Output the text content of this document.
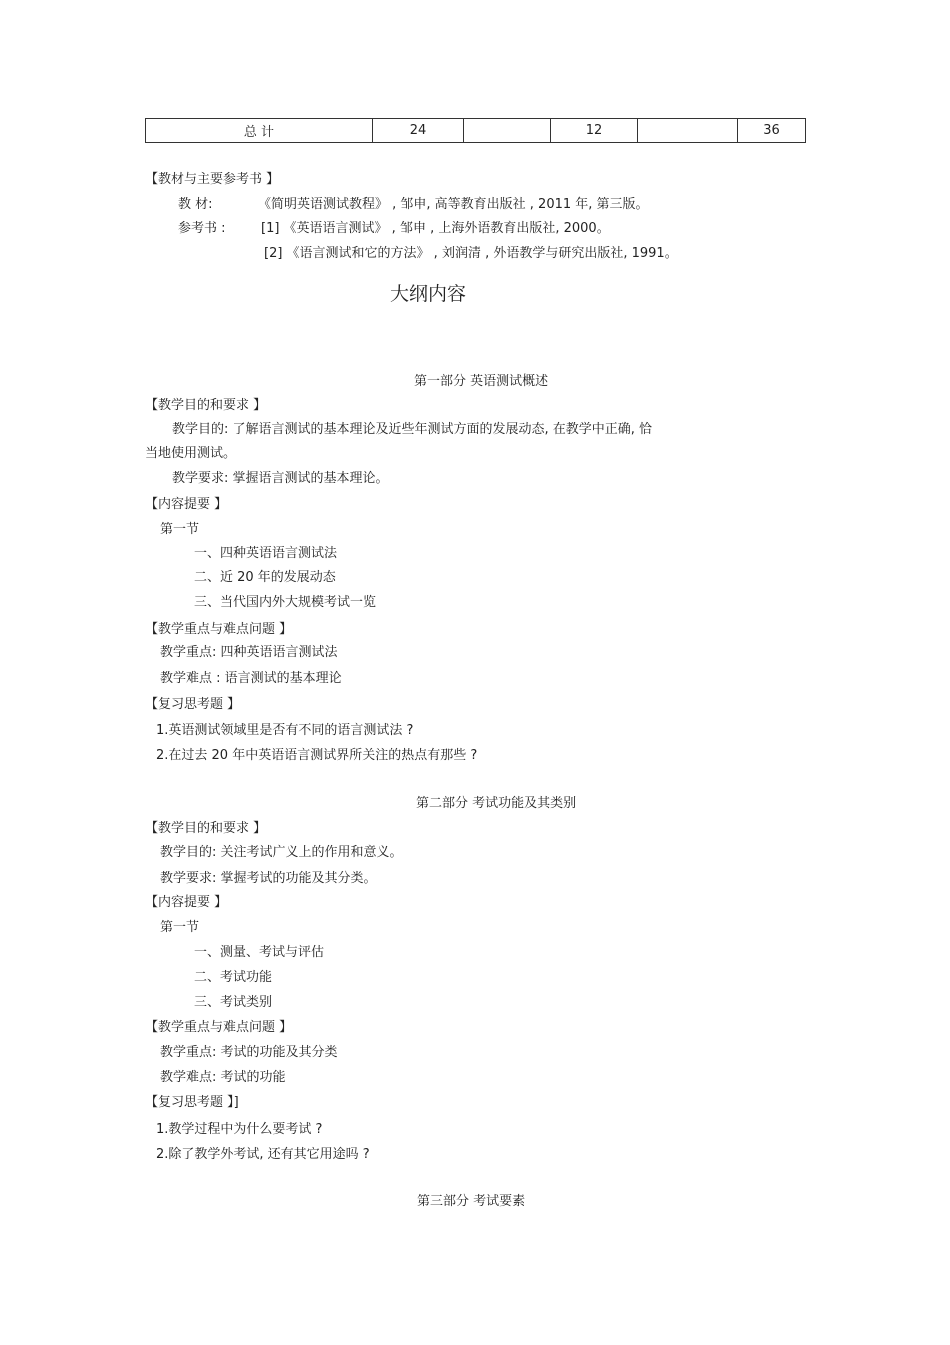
总 计	24		12		36
【教材与主要参考书 】
教 材:	《简明英语测试教程》 , 邹申, 高等教育出版社 , 2011 年, 第三版。
参考书 :	[1] 《英语语言测试》 , 邹申 , 上海外语教育出版社, 2000。
[2] 《语言测试和它的方法》 , 刘润清 , 外语教学与研究出版社, 1991。
大纲内容
第一部分 英语测试概述
【教学目的和要求 】
教学目的: 了解语言测试的基本理论及近些年测试方面的发展动态, 在教学中正确, 恰
当地使用测试。
教学要求: 掌握语言测试的基本理论。
【内容提要 】
第一节
一、四种英语语言测试法
二、近 20 年的发展动态
三、当代国内外大规模考试一览
【教学重点与难点问题 】
教学重点: 四种英语语言测试法
教学难点 : 语言测试的基本理论
【复习思考题 】
1.英语测试领域里是否有不同的语言测试法 ?
2.在过去 20 年中英语语言测试界所关注的热点有那些 ?
第二部分 考试功能及其类别
【教学目的和要求 】
教学目的: 关注考试广义上的作用和意义。
教学要求: 掌握考试的功能及其分类。
【内容提要 】
第一节
一、测量、考试与评估
二、考试功能
三、考试类别
【教学重点与难点问题 】
教学重点: 考试的功能及其分类
教学难点: 考试的功能
【复习思考题 】]
1.教学过程中为什么要考试 ?
2.除了教学外考试, 还有其它用途吗 ?
第三部分 考试要素
